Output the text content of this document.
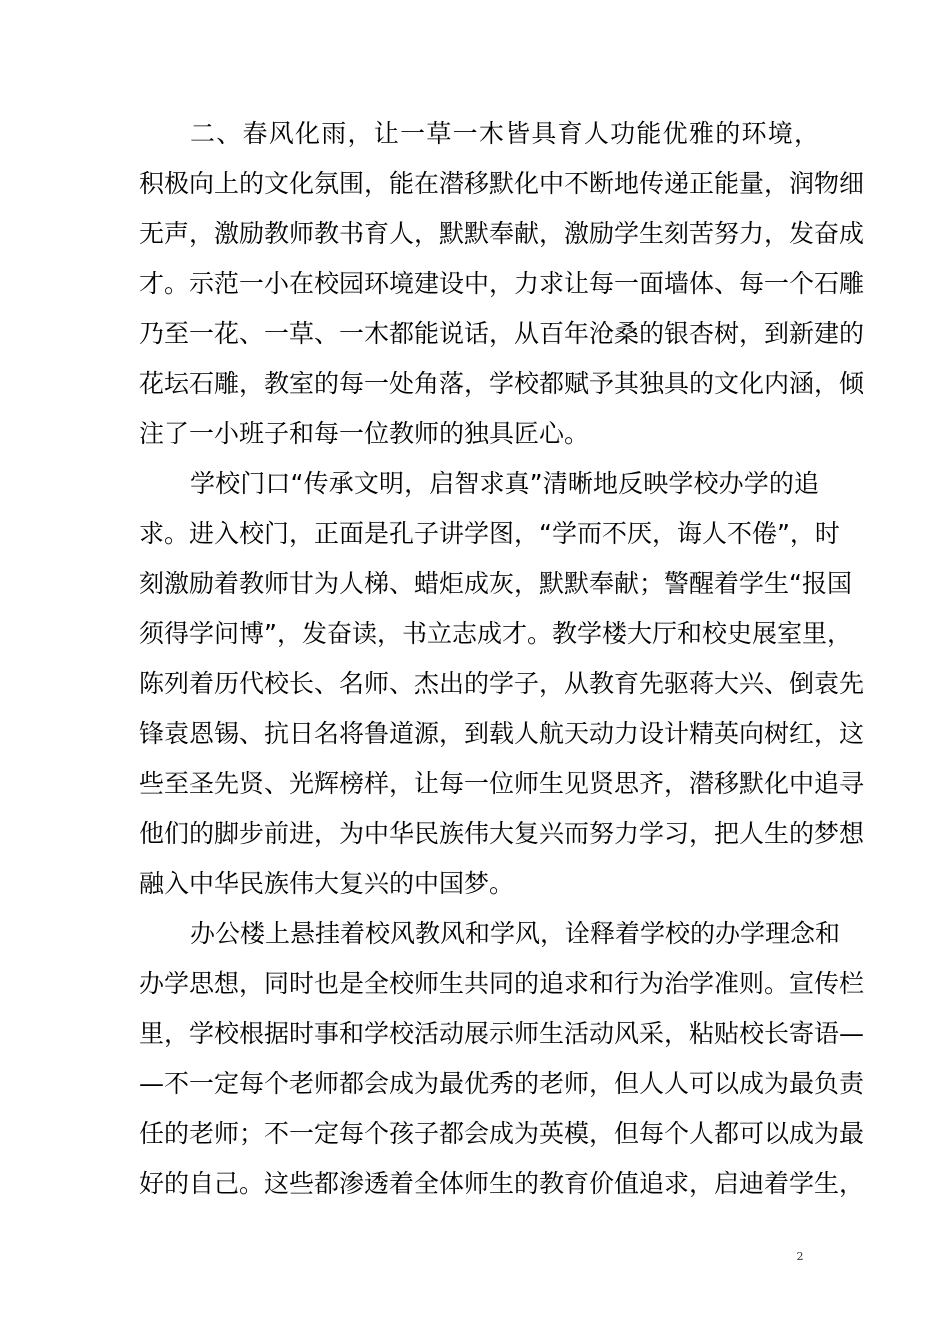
二、春风化雨，让一草一木皆具育人功能优雅的环境，
积极向上的文化氛围，能在潜移默化中不断地传递正能量，润物细
无声，激励教师教书育人，默默奉献，激励学生刻苦努力，发奋成
才。示范一小在校园环境建设中，力求让每一面墙体、每一个石雕
乃至一花、一草、一木都能说话，从百年沧桑的银杏树，到新建的
花坛石雕，教室的每一处角落，学校都赋予其独具的文化内涵，倾
注了一小班子和每一位教师的独具匠心。
学校门口“传承文明，启智求真”清晰地反映学校办学的追
求。进入校门，正面是孔子讲学图，“学而不厌，诲人不倦”，时
刻激励着教师甘为人梯、蜡炬成灰，默默奉献；警醒着学生“报国
须得学问博”，发奋读，书立志成才。教学楼大厅和校史展室里，
陈列着历代校长、名师、杰出的学子，从教育先驱蒋大兴、倒袁先
锋袁恩锡、抗日名将鲁道源，到载人航天动力设计精英向树红，这
些至圣先贤、光辉榜样，让每一位师生见贤思齐，潜移默化中追寻
他们的脚步前进，为中华民族伟大复兴而努力学习，把人生的梦想
融入中华民族伟大复兴的中国梦。
办公楼上悬挂着校风教风和学风，诠释着学校的办学理念和
办学思想，同时也是全校师生共同的追求和行为治学准则。宣传栏
里，学校根据时事和学校活动展示师生活动风采，粘贴校长寄语—
—不一定每个老师都会成为最优秀的老师，但人人可以成为最负责
任的老师；不一定每个孩子都会成为英模，但每个人都可以成为最
好的自己。这些都渗透着全体师生的教育价值追求，启迪着学生，
2
